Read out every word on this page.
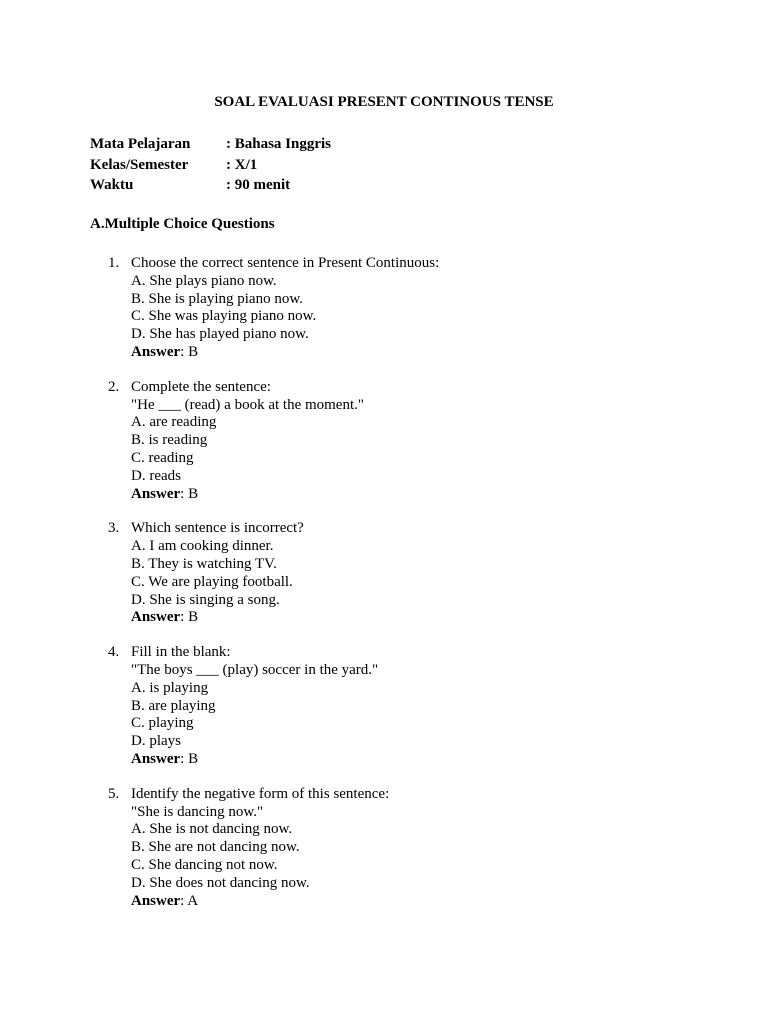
SOAL EVALUASI PRESENT CONTINOUS TENSE
Mata Pelajaran	: Bahasa Inggris
Kelas/Semester	: X/1
Waktu	: 90 menit
A.Multiple Choice Questions
1. Choose the correct sentence in Present Continuous:
A. She plays piano now.
B. She is playing piano now.
C. She was playing piano now.
D. She has played piano now.
Answer: B
2. Complete the sentence:
"He ___ (read) a book at the moment."
A. are reading
B. is reading
C. reading
D. reads
Answer: B
3. Which sentence is incorrect?
A. I am cooking dinner.
B. They is watching TV.
C. We are playing football.
D. She is singing a song.
Answer: B
4. Fill in the blank:
"The boys ___ (play) soccer in the yard."
A. is playing
B. are playing
C. playing
D. plays
Answer: B
5. Identify the negative form of this sentence:
"She is dancing now."
A. She is not dancing now.
B. She are not dancing now.
C. She dancing not now.
D. She does not dancing now.
Answer: A
